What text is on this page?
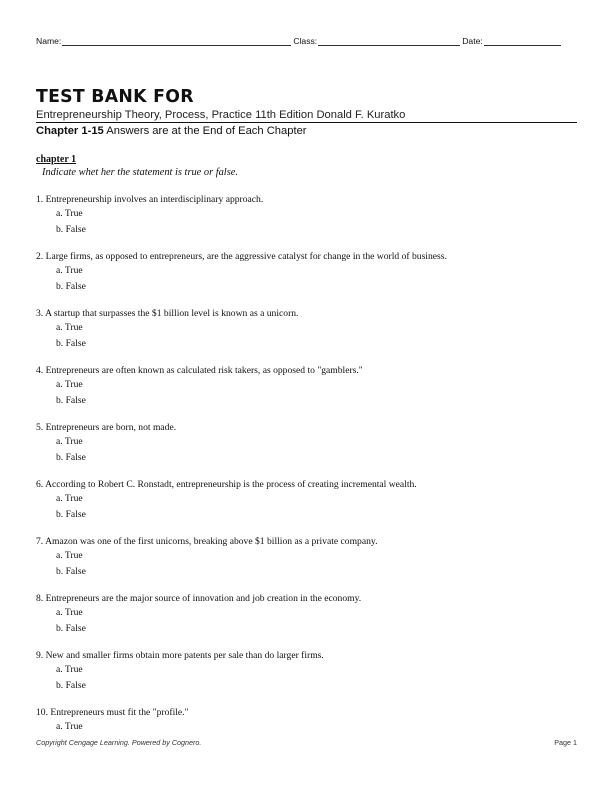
Name:	Class:	Date:
TEST BANK FOR
Entrepreneurship Theory, Process, Practice 11th Edition Donald F. Kuratko
Chapter 1-15 Answers are at the End of Each Chapter
chapter 1
Indicate whet her the statement is true or false.
1. Entrepreneurship involves an interdisciplinary approach.
a. True
b. False
2. Large firms, as opposed to entrepreneurs, are the aggressive catalyst for change in the world of business.
a. True
b. False
3. A startup that surpasses the $1 billion level is known as a unicorn.
a. True
b. False
4. Entrepreneurs are often known as calculated risk takers, as opposed to "gamblers."
a. True
b. False
5. Entrepreneurs are born, not made.
a. True
b. False
6. According to Robert C. Ronstadt, entrepreneurship is the process of creating incremental wealth.
a. True
b. False
7. Amazon was one of the first unicorns, breaking above $1 billion as a private company.
a. True
b. False
8. Entrepreneurs are the major source of innovation and job creation in the economy.
a. True
b. False
9. New and smaller firms obtain more patents per sale than do larger firms.
a. True
b. False
10. Entrepreneurs must fit the "profile."
a. True
Copyright Cengage Learning. Powered by Cognero.	Page 1
